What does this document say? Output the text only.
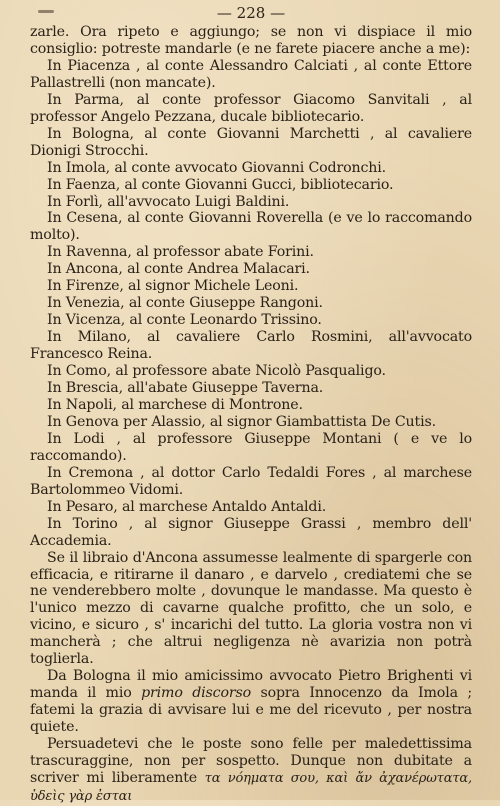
— 228 —

zarle. Ora ripeto e aggiungo; se non vi dispiace il mio consiglio: potreste mandarle (e ne farete piacere anche a me):

In Piacenza , al conte Alessandro Calciati , al conte Ettore Pallastrelli (non mancate).

In Parma, al conte professor Giacomo Sanvitali , al professor Angelo Pezzana, ducale bibliotecario.

In Bologna, al conte Giovanni Marchetti , al cavaliere Dionigi Strocchi.

In Imola, al conte avvocato Giovanni Codronchi.

In Faenza, al conte Giovanni Gucci, bibliotecario.

In Forlì, all'avvocato Luigi Baldini.

In Cesena, al conte Giovanni Roverella (e ve lo raccomando molto).

In Ravenna, al professor abate Forini.

In Ancona, al conte Andrea Malacari.

In Firenze, al signor Michele Leoni.

In Venezia, al conte Giuseppe Rangoni.

In Vicenza, al conte Leonardo Trissino.

In Milano, al cavaliere Carlo Rosmini, all'avvocato Francesco Reina.

In Como, al professore abate Nicolò Pasqualigo.

In Brescia, all'abate Giuseppe Taverna.

In Napoli, al marchese di Montrone.

In Genova per Alassio, al signor Giambattista De Cutis.

In Lodi , al professore Giuseppe Montani ( e ve lo raccomando).

In Cremona , al dottor Carlo Tedaldi Fores , al marchese Bartolommeo Vidomi.

In Pesaro, al marchese Antaldo Antaldi.

In Torino , al signor Giuseppe Grassi , membro dell' Accademia.

Se il libraio d'Ancona assumesse lealmente di spargerle con efficacia, e ritirarne il danaro , e darvelo , crediatemi che se ne venderebbero molte , dovunque le mandasse. Ma questo è l'unico mezzo di cavarne qualche profitto, che un solo, e vicino, e sicuro , s' incarichi del tutto. La gloria vostra non vi mancherà ; che altrui negligenza nè avarizia non potrà toglierla.

Da Bologna il mio amicissimo avvocato Pietro Brighenti vi manda il mio primo discorso sopra Innocenzo da Imola ; fatemi la grazia di avvisare lui e me del ricevuto , per nostra quiete.

Persuadetevi che le poste sono felle per maledettissima trascuraggine, non per sospetto. Dunque non dubitate a scriver mi liberamente τα νόηματα σου, καὶ ἄν ἀχανέρωτατα, ὑδεὶς γὰρ ἐσται
